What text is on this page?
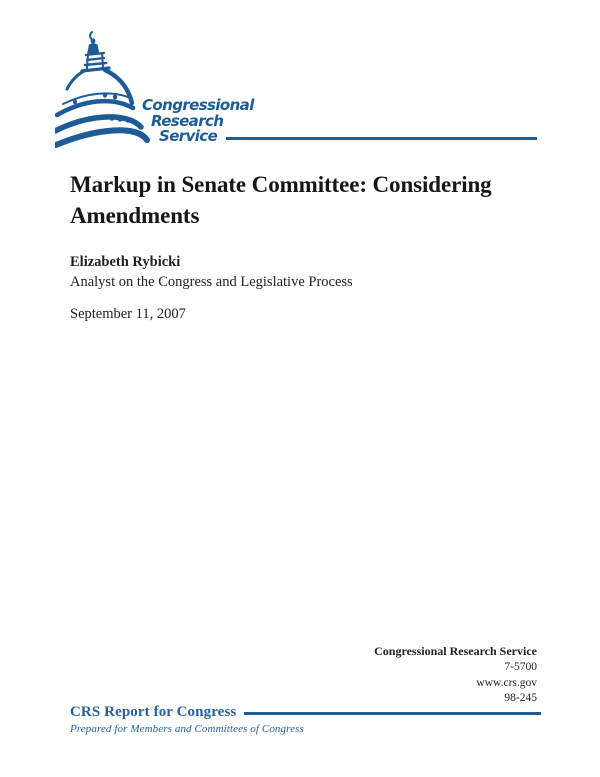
Congressional
Research
Service
Markup in Senate Committee: Considering Amendments
Elizabeth Rybicki
Analyst on the Congress and Legislative Process
September 11, 2007
Congressional Research Service
7-5700
www.crs.gov
98-245
CRS Report for Congress
Prepared for Members and Committees of Congress
